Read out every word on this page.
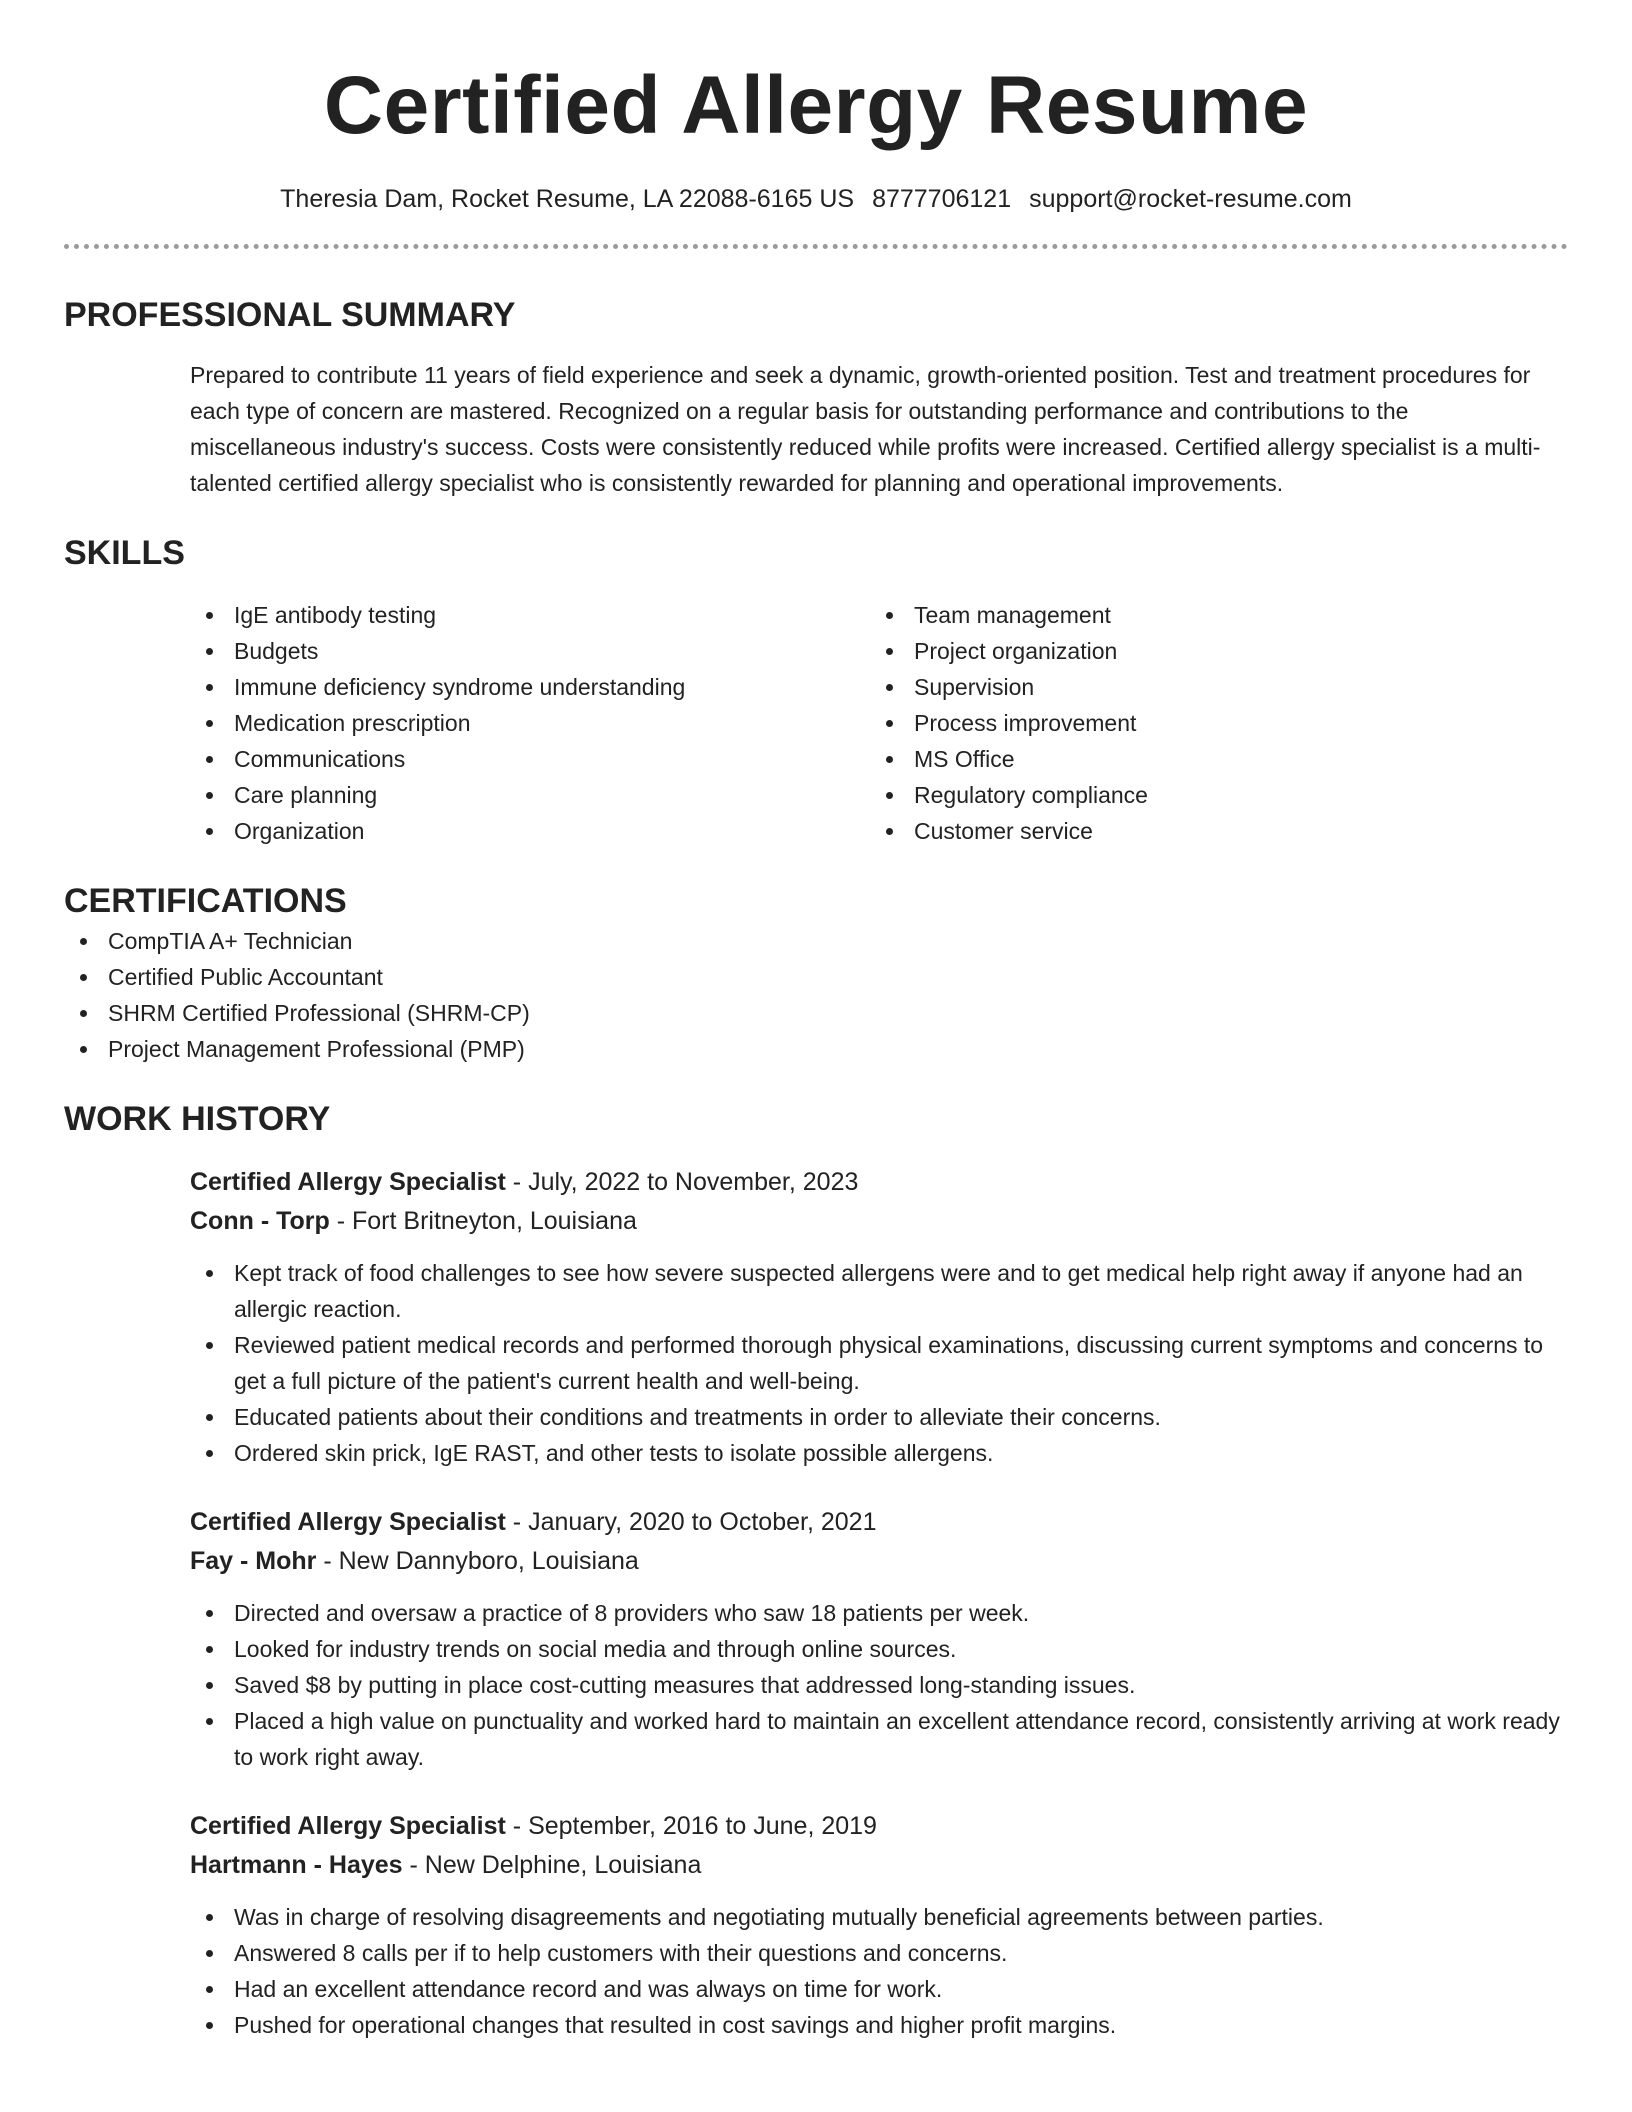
Certified Allergy Resume
Theresia Dam, Rocket Resume, LA 22088-6165 US 8777706121 support@rocket-resume.com
PROFESSIONAL SUMMARY

Prepared to contribute 11 years of field experience and seek a dynamic, growth-oriented position. Test and treatment procedures for each type of concern are mastered. Recognized on a regular basis for outstanding performance and contributions to the miscellaneous industry's success. Costs were consistently reduced while profits were increased. Certified allergy specialist is a multi-talented certified allergy specialist who is consistently rewarded for planning and operational improvements.

SKILLS
IgE antibody testing
Budgets
Immune deficiency syndrome understanding
Medication prescription
Communications
Care planning
Organization
Team management
Project organization
Supervision
Process improvement
MS Office
Regulatory compliance
Customer service
CERTIFICATIONS
CompTIA A+ Technician
Certified Public Accountant
SHRM Certified Professional (SHRM-CP)
Project Management Professional (PMP)
WORK HISTORY
Certified Allergy Specialist - July, 2022 to November, 2023
Conn - Torp - Fort Britneyton, Louisiana
Kept track of food challenges to see how severe suspected allergens were and to get medical help right away if anyone had an allergic reaction.
Reviewed patient medical records and performed thorough physical examinations, discussing current symptoms and concerns to get a full picture of the patient's current health and well-being.
Educated patients about their conditions and treatments in order to alleviate their concerns.
Ordered skin prick, IgE RAST, and other tests to isolate possible allergens.
Certified Allergy Specialist - January, 2020 to October, 2021
Fay - Mohr - New Dannyboro, Louisiana
Directed and oversaw a practice of 8 providers who saw 18 patients per week.
Looked for industry trends on social media and through online sources.
Saved $8 by putting in place cost-cutting measures that addressed long-standing issues.
Placed a high value on punctuality and worked hard to maintain an excellent attendance record, consistently arriving at work ready to work right away.
Certified Allergy Specialist - September, 2016 to June, 2019
Hartmann - Hayes - New Delphine, Louisiana
Was in charge of resolving disagreements and negotiating mutually beneficial agreements between parties.
Answered 8 calls per if to help customers with their questions and concerns.
Had an excellent attendance record and was always on time for work.
Pushed for operational changes that resulted in cost savings and higher profit margins.
